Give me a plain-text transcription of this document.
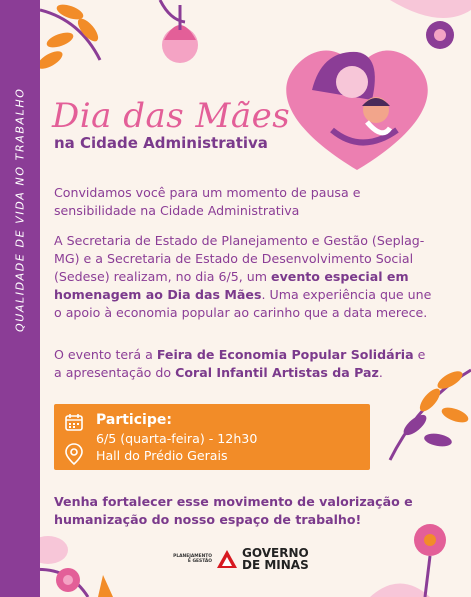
QUALIDADE DE VIDA NO TRABALHO Dia das Mães
na Cidade Administrativa
Convidamos você para um momento de pausa e sensibilidade na Cidade Administrativa
A Secretaria de Estado de Planejamento e Gestão (Seplag-MG) e a Secretaria de Estado de Desenvolvimento Social (Sedese) realizam, no dia 6/5, um evento especial em homenagem ao Dia das Mães. Uma experiência que une o apoio à economia popular ao carinho que a data merece.
O evento terá a Feira de Economia Popular Solidária e a apresentação do Coral Infantil Artistas da Paz.
Participe:
6/5 (quarta-feira) - 12h30
Hall do Prédio Gerais
Venha fortalecer esse movimento de valorização e humanização do nosso espaço de trabalho!
PLANEJAMENTO
E GESTÃO
GOVERNO
DE MINAS
